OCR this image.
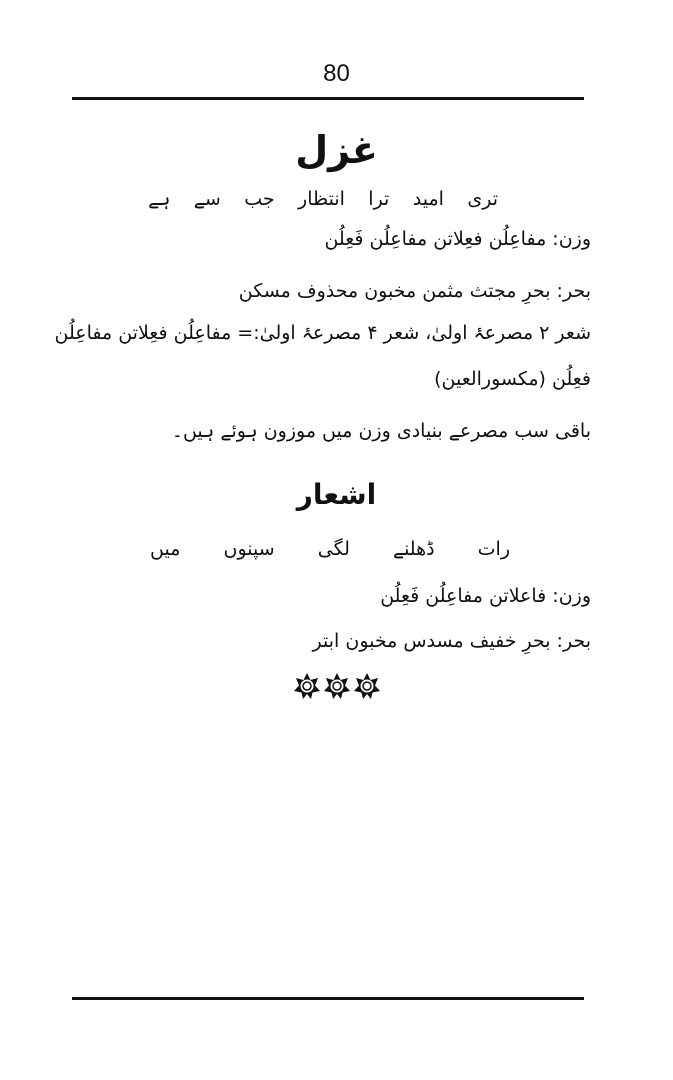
80
غزل
تری
امید
ترا
انتظار
جب
سے
ہے
وزن: مفاعِلُن فعِلاتن مفاعِلُن فَعِلُن
بحر: بحرِ مجتث مثمن مخبون محذوف مسکن
شعر ۲ مصرعۂ اولیٰ، شعر ۴ مصرعۂ اولیٰ:= مفاعِلُن فعِلاتن مفاعِلُن
فعِلُن (مکسورالعین)
باقی سب مصرعے بنیادی وزن میں موزون ہوئے ہیں۔
اشعار
رات
ڈھلنے
لگی
سپنوں
میں
وزن: فاعلاتن مفاعِلُن فَعِلُن
بحر: بحرِ خفیف مسدس مخبون ابتر
